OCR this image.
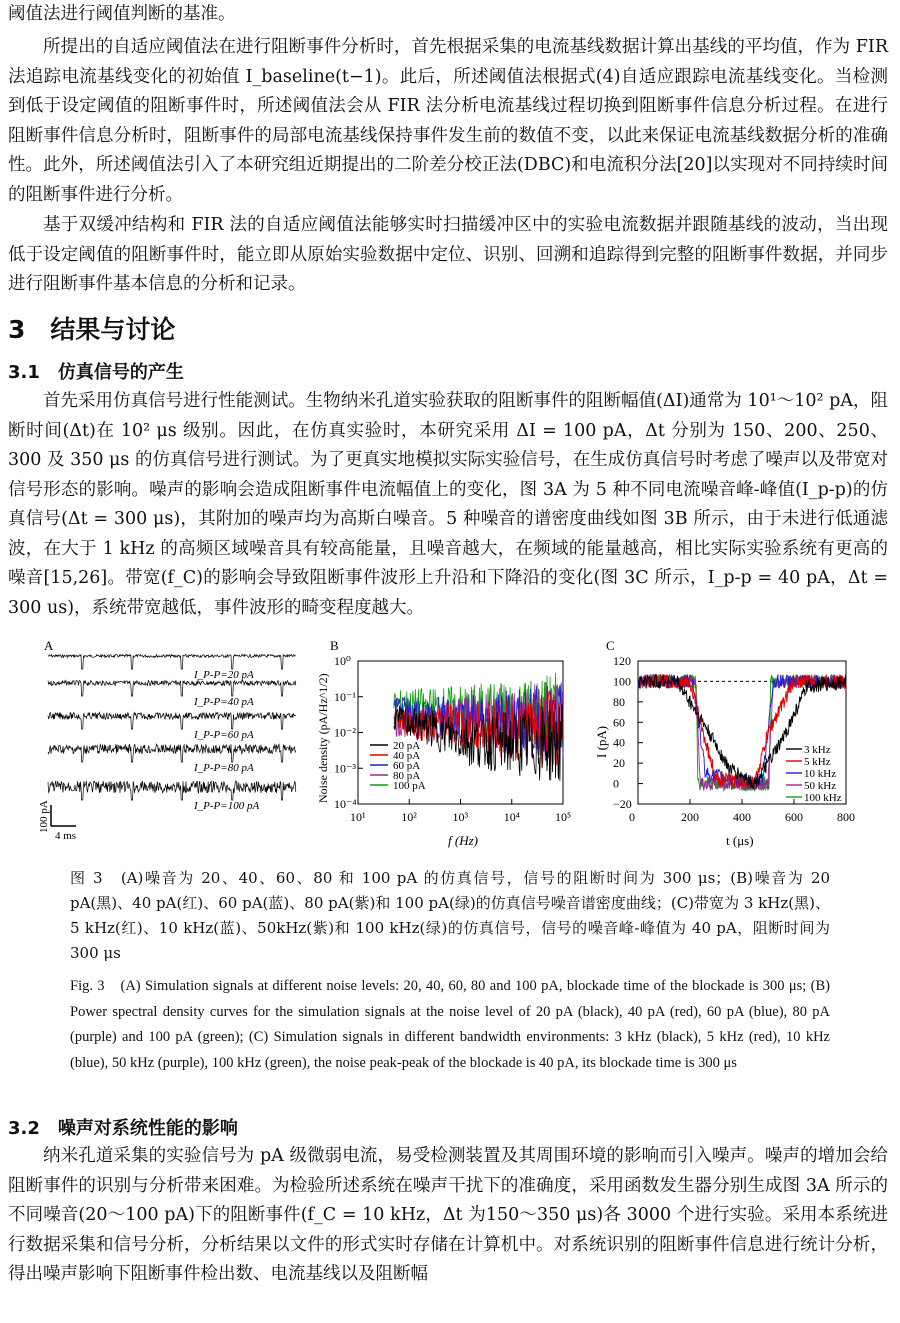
阈值法进行阈值判断的基准。

所提出的自适应阈值法在进行阻断事件分析时，首先根据采集的电流基线数据计算出基线的平均值，作为 FIR 法追踪电流基线变化的初始值 I_baseline(t−1)。此后，所述阈值法根据式(4)自适应跟踪电流基线变化。当检测到低于设定阈值的阻断事件时，所述阈值法会从 FIR 法分析电流基线过程切换到阻断事件信息分析过程。在进行阻断事件信息分析时，阻断事件的局部电流基线保持事件发生前的数值不变，以此来保证电流基线数据分析的准确性。此外，所述阈值法引入了本研究组近期提出的二阶差分校正法(DBC)和电流积分法[20]以实现对不同持续时间的阻断事件进行分析。

基于双缓冲结构和 FIR 法的自适应阈值法能够实时扫描缓冲区中的实验电流数据并跟随基线的波动，当出现低于设定阈值的阻断事件时，能立即从原始实验数据中定位、识别、回溯和追踪得到完整的阻断事件数据，并同步进行阻断事件基本信息的分析和记录。

3　结果与讨论
3.1　仿真信号的产生

首先采用仿真信号进行性能测试。生物纳米孔道实验获取的阻断事件的阻断幅值(ΔI)通常为 10¹～10² pA，阻断时间(Δt)在 10² μs 级别。因此，在仿真实验时，本研究采用 ΔI = 100 pA，Δt 分别为 150、200、250、300 及 350 μs 的仿真信号进行测试。为了更真实地模拟实际实验信号，在生成仿真信号时考虑了噪声以及带宽对信号形态的影响。噪声的影响会造成阻断事件电流幅值上的变化，图 3A 为 5 种不同电流噪音峰-峰值(I_p-p)的仿真信号(Δt = 300 μs)，其附加的噪声均为高斯白噪音。5 种噪音的谱密度曲线如图 3B 所示，由于未进行低通滤波，在大于 1 kHz 的高频区域噪音具有较高能量，且噪音越大，在频域的能量越高，相比实际实验系统有更高的噪音[15,26]。带宽(f_C)的影响会导致阻断事件波形上升沿和下降沿的变化(图 3C 所示，I_p-p = 40 pA，Δt = 300 us)，系统带宽越低，事件波形的畸变程度越大。

A
I_P-P=20 pA
I_P-P=40 pA
I_P-P=60 pA
I_P-P=80 pA
I_P-P=100 pA
100 pA
4 ms
B
10¹
10⁰
10²
10⁻¹
10³
10⁻²
10⁴
10⁻³
10⁵
10⁻⁴
20 pA
40 pA
60 pA
80 pA
100 pA
Noise density (pA/Hz^1/2)
f (Hz)
C
0	200	400	600	800
120
100
80
60
40
20
0
−20
3 kHz
5 kHz
10 kHz
50 kHz
100 kHz
I (pA)
t (μs)

图 3　(A)噪音为 20、40、60、80 和 100 pA 的仿真信号，信号的阻断时间为 300 μs；(B)噪音为 20 pA(黑)、40 pA(红)、60 pA(蓝)、80 pA(紫)和 100 pA(绿)的仿真信号噪音谱密度曲线；(C)带宽为 3 kHz(黑)、5 kHz(红)、10 kHz(蓝)、50kHz(紫)和 100 kHz(绿)的仿真信号，信号的噪音峰-峰值为 40 pA，阻断时间为 300 μs

Fig. 3　(A) Simulation signals at different noise levels: 20, 40, 60, 80 and 100 pA, blockade time of the blockade is 300 μs; (B) Power spectral density curves for the simulation signals at the noise level of 20 pA (black), 40 pA (red), 60 pA (blue), 80 pA (purple) and 100 pA (green); (C) Simulation signals in different bandwidth environments: 3 kHz (black), 5 kHz (red), 10 kHz (blue), 50 kHz (purple), 100 kHz (green), the noise peak-peak of the blockade is 40 pA, its blockade time is 300 μs

3.2　噪声对系统性能的影响

纳米孔道采集的实验信号为 pA 级微弱电流，易受检测装置及其周围环境的影响而引入噪声。噪声的增加会给阻断事件的识别与分析带来困难。为检验所述系统在噪声干扰下的准确度，采用函数发生器分别生成图 3A 所示的不同噪音(20～100 pA)下的阻断事件(f_C = 10 kHz，Δt 为150～350 μs)各 3000 个进行实验。采用本系统进行数据采集和信号分析，分析结果以文件的形式实时存储在计算机中。对系统识别的阻断事件信息进行统计分析，得出噪声影响下阻断事件检出数、电流基线以及阻断幅
